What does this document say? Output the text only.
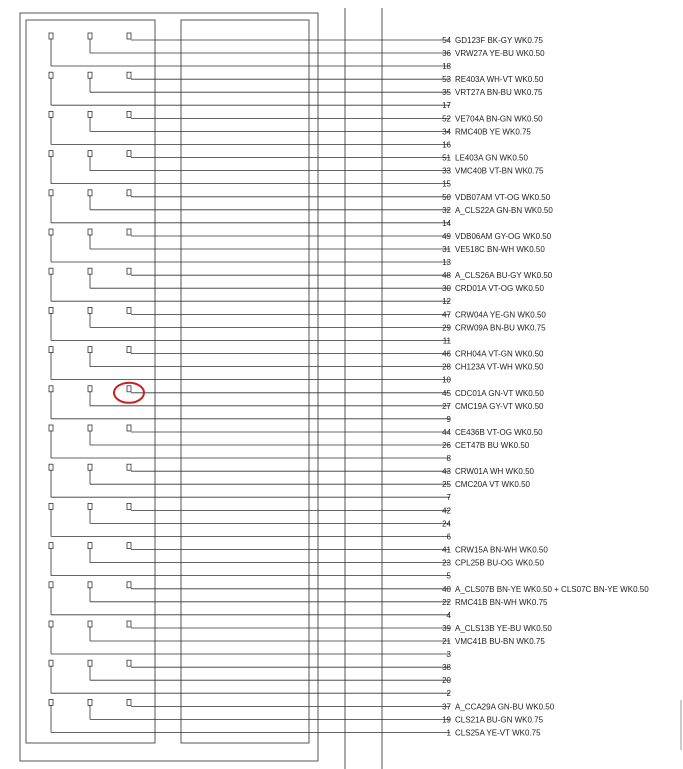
54
36
18
GD123F BK-GY WK0.75
VRW27A YE-BU WK0.50
53
35
17
RE403A WH-VT WK0.50
VRT27A BN-BU WK0.75
52
34
16
VE704A BN-GN WK0.50
RMC40B YE WK0.75
51
33
15
LE403A GN WK0.50
VMC40B VT-BN WK0.75
50
32
14
VDB07AM VT-OG WK0.50
A_CLS22A GN-BN WK0.50
49
31
13
VDB06AM GY-OG WK0.50
VE518C BN-WH WK0.50
48
30
12
A_CLS26A BU-GY WK0.50
CRD01A VT-OG WK0.50
47
29
11
CRW04A YE-GN WK0.50
CRW09A BN-BU WK0.75
46
28
10
CRH04A VT-GN WK0.50
CH123A VT-WH WK0.50
45
27
9
CDC01A GN-VT WK0.50
CMC19A GY-VT WK0.50
44
26
8
CE436B VT-OG WK0.50
CET47B BU WK0.50
43
25
7
CRW01A WH WK0.50
CMC20A VT WK0.50
42
24
6
41
23
5
CRW15A BN-WH WK0.50
CPL25B BU-OG WK0.50
40
22
4
A_CLS07B BN-YE WK0.50 + CLS07C BN-YE WK0.50
RMC41B BN-WH WK0.75
39
21
3
A_CLS13B YE-BU WK0.50
VMC41B BU-BN WK0.75
38
20
2
37
19
1
A_CCA29A GN-BU WK0.50
CLS21A BU-GN WK0.75
CLS25A YE-VT WK0.75
